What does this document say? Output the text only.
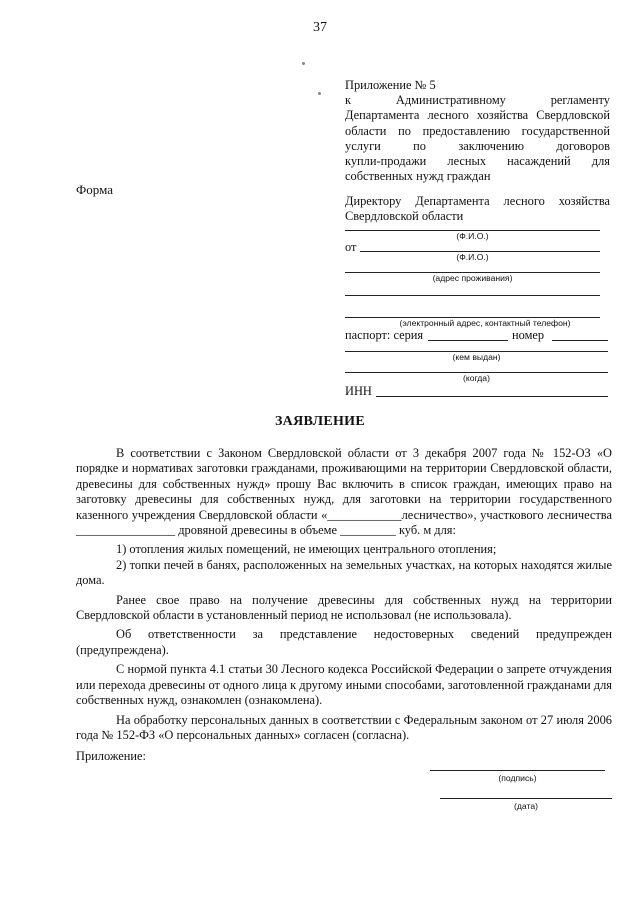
37
Приложение № 5
к Административному регламенту
Департамента лесного хозяйства Свердловской
области по предоставлению государственной
услуги по заключению договоров
купли-продажи лесных насаждений для
собственных нужд граждан
Форма
Директору Департамента лесного хозяйства
Свердловской области
(Ф.И.О.)
от
(Ф.И.О.)
(адрес проживания)
(электронный адрес, контактный телефон)
паспорт: серия	номер
(кем выдан)
(когда)
ИНН
ЗАЯВЛЕНИЕ

В соответствии с Законом Свердловской области от 3 декабря 2007 года № 152-ОЗ «О порядке и нормативах заготовки гражданами, проживающими на территории Свердловской области, древесины для собственных нужд» прошу Вас включить в список граждан, имеющих право на заготовку древесины для собственных нужд, для заготовки на территории государственного казенного учреждения Свердловской области «____________лесничество», участкового лесничества ________________ дровяной древесины в объеме _________ куб. м для:

1) отопления жилых помещений, не имеющих центрального отопления;

2) топки печей в банях, расположенных на земельных участках, на которых находятся жилые дома.

Ранее свое право на получение древесины для собственных нужд на территории Свердловской области в установленный период не использовал (не использовала).

Об ответственности за представление недостоверных сведений предупрежден (предупреждена).

С нормой пункта 4.1 статьи 30 Лесного кодекса Российской Федерации о запрете отчуждения или перехода древесины от одного лица к другому иными способами, заготовленной гражданами для собственных нужд, ознакомлен (ознакомлена).

На обработку персональных данных в соответствии с Федеральным законом от 27 июля 2006 года № 152-ФЗ «О персональных данных» согласен (согласна).

Приложение:
(подпись)
(дата)
